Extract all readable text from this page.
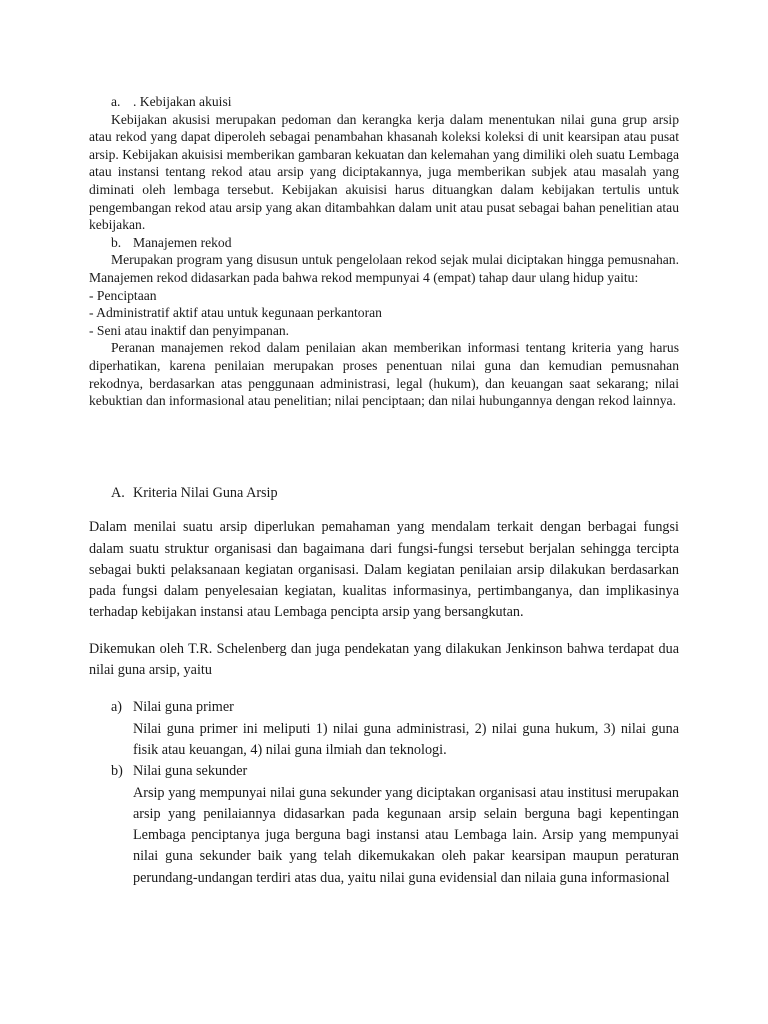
a. . Kebijakan akuisi

Kebijakan akusisi merupakan pedoman dan kerangka kerja dalam menentukan nilai guna grup arsip atau rekod yang dapat diperoleh sebagai penambahan khasanah koleksi koleksi di unit kearsipan atau pusat arsip. Kebijakan akuisisi memberikan gambaran kekuatan dan kelemahan yang dimiliki oleh suatu Lembaga atau instansi tentang rekod atau arsip yang diciptakannya, juga memberikan subjek atau masalah yang diminati oleh lembaga tersebut. Kebijakan akuisisi harus dituangkan dalam kebijakan tertulis untuk pengembangan rekod atau arsip yang akan ditambahkan dalam unit atau pusat sebagai bahan penelitian atau kebijakan.

b. Manajemen rekod

Merupakan program yang disusun untuk pengelolaan rekod sejak mulai diciptakan hingga pemusnahan. Manajemen rekod didasarkan pada bahwa rekod mempunyai 4 (empat) tahap daur ulang hidup yaitu:

- Penciptaan

- Administratif aktif atau untuk kegunaan perkantoran

- Seni atau inaktif dan penyimpanan.

Peranan manajemen rekod dalam penilaian akan memberikan informasi tentang kriteria yang harus diperhatikan, karena penilaian merupakan proses penentuan nilai guna dan kemudian pemusnahan rekodnya, berdasarkan atas penggunaan administrasi, legal (hukum), dan keuangan saat sekarang; nilai kebuktian dan informasional atau penelitian; nilai penciptaan; dan nilai hubungannya dengan rekod lainnya.

A. Kriteria Nilai Guna Arsip

Dalam menilai suatu arsip diperlukan pemahaman yang mendalam terkait dengan berbagai fungsi dalam suatu struktur organisasi dan bagaimana dari fungsi-fungsi tersebut berjalan sehingga tercipta sebagai bukti pelaksanaan kegiatan organisasi. Dalam kegiatan penilaian arsip dilakukan berdasarkan pada fungsi dalam penyelesaian kegiatan, kualitas informasinya, pertimbanganya, dan implikasinya terhadap kebijakan instansi atau Lembaga pencipta arsip yang bersangkutan.

Dikemukan oleh T.R. Schelenberg dan juga pendekatan yang dilakukan Jenkinson bahwa terdapat dua nilai guna arsip, yaitu

a) Nilai guna primer

Nilai guna primer ini meliputi 1) nilai guna administrasi, 2) nilai guna hukum, 3) nilai guna fisik atau keuangan, 4) nilai guna ilmiah dan teknologi.

b) Nilai guna sekunder

Arsip yang mempunyai nilai guna sekunder yang diciptakan organisasi atau institusi merupakan arsip yang penilaiannya didasarkan pada kegunaan arsip selain berguna bagi kepentingan Lembaga penciptanya juga berguna bagi instansi atau Lembaga lain. Arsip yang mempunyai nilai guna sekunder baik yang telah dikemukakan oleh pakar kearsipan maupun peraturan perundang-undangan terdiri atas dua, yaitu nilai guna evidensial dan nilaia guna informasional
